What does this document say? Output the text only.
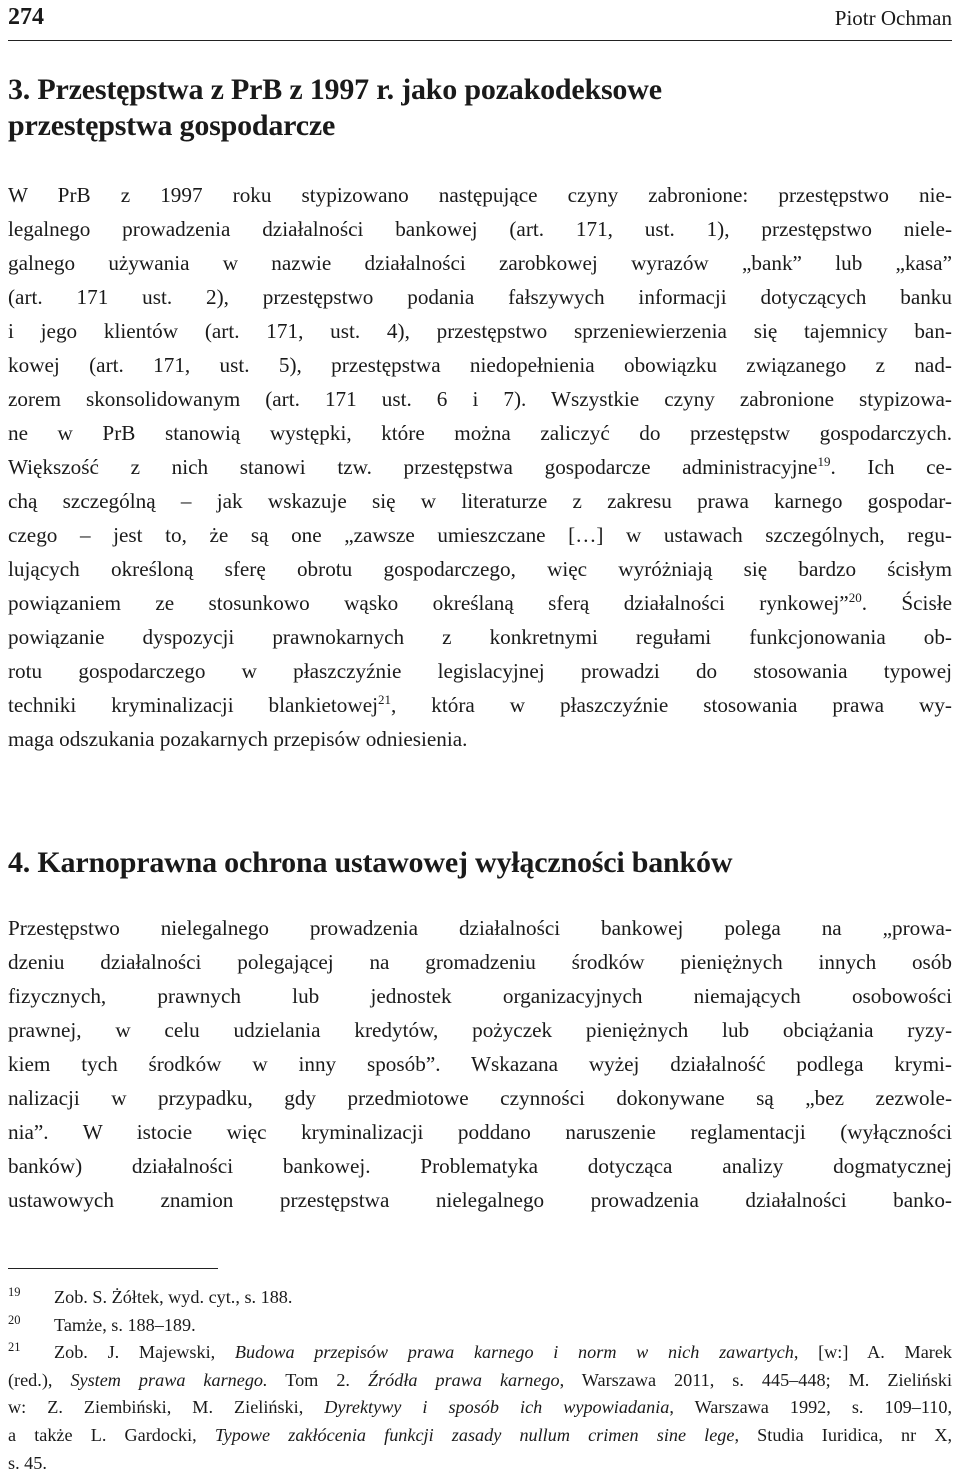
274	Piotr Ochman
3. Przestępstwa z PrB z 1997 r. jako pozakodeksowe
przestępstwa gospodarcze
W PrB z 1997 roku stypizowano następujące czyny zabronione: przestępstwo nie-
legalnego prowadzenia działalności bankowej (art. 171, ust. 1), przestępstwo niele-
galnego używania w nazwie działalności zarobkowej wyrazów „bank” lub „kasa”
(art. 171 ust. 2), przestępstwo podania fałszywych informacji dotyczących banku
i jego klientów (art. 171, ust. 4), przestępstwo sprzeniewierzenia się tajemnicy ban-
kowej (art. 171, ust. 5), przestępstwa niedopełnienia obowiązku związanego z nad-
zorem skonsolidowanym (art. 171 ust. 6 i 7). Wszystkie czyny zabronione stypizowa-
ne w PrB stanowią występki, które można zaliczyć do przestępstw gospodarczych.
Większość z nich stanowi tzw. przestępstwa gospodarcze administracyjne$^{19}$. Ich ce-
chą szczególną – jak wskazuje się w literaturze z zakresu prawa karnego gospodar-
czego – jest to, że są one „zawsze umieszczane […] w ustawach szczególnych, regu-
lujących określoną sferę obrotu gospodarczego, więc wyróżniają się bardzo ścisłym
powiązaniem ze stosunkowo wąsko określaną sferą działalności rynkowej”$^{20}$. Ścisłe
powiązanie dyspozycji prawnokarnych z konkretnymi regułami funkcjonowania ob-
rotu gospodarczego w płaszczyźnie legislacyjnej prowadzi do stosowania typowej
techniki kryminalizacji blankietowej$^{21}$, która w płaszczyźnie stosowania prawa wy-
maga odszukania pozakarnych przepisów odniesienia.
4. Karnoprawna ochrona ustawowej wyłączności banków
Przestępstwo nielegalnego prowadzenia działalności bankowej polega na „prowa-
dzeniu działalności polegającej na gromadzeniu środków pieniężnych innych osób
fizycznych, prawnych lub jednostek organizacyjnych niemających osobowości
prawnej, w celu udzielania kredytów, pożyczek pieniężnych lub obciążania ryzy-
kiem tych środków w inny sposób”. Wskazana wyżej działalność podlega krymi-
nalizacji w przypadku, gdy przedmiotowe czynności dokonywane są „bez zezwole-
nia”. W istocie więc kryminalizacji poddano naruszenie reglamentacji (wyłączności
banków) działalności bankowej. Problematyka dotycząca analizy dogmatycznej
ustawowych znamion przestępstwa nielegalnego prowadzenia działalności banko-
19 Zob. S. Żółtek, wyd. cyt., s. 188.
20 Tamże, s. 188–189.
21 Zob. J. Majewski, Budowa przepisów prawa karnego i norm w nich zawartych, [w:] A. Marek
(red.), System prawa karnego. Tom 2. Źródła prawa karnego, Warszawa 2011, s. 445–448; M. Zieliński
w: Z. Ziembiński, M. Zieliński, Dyrektywy i sposób ich wypowiadania, Warszawa 1992, s. 109–110,
a także L. Gardocki, Typowe zakłócenia funkcji zasady nullum crimen sine lege, Studia Iuridica, nr X,
s. 45.
